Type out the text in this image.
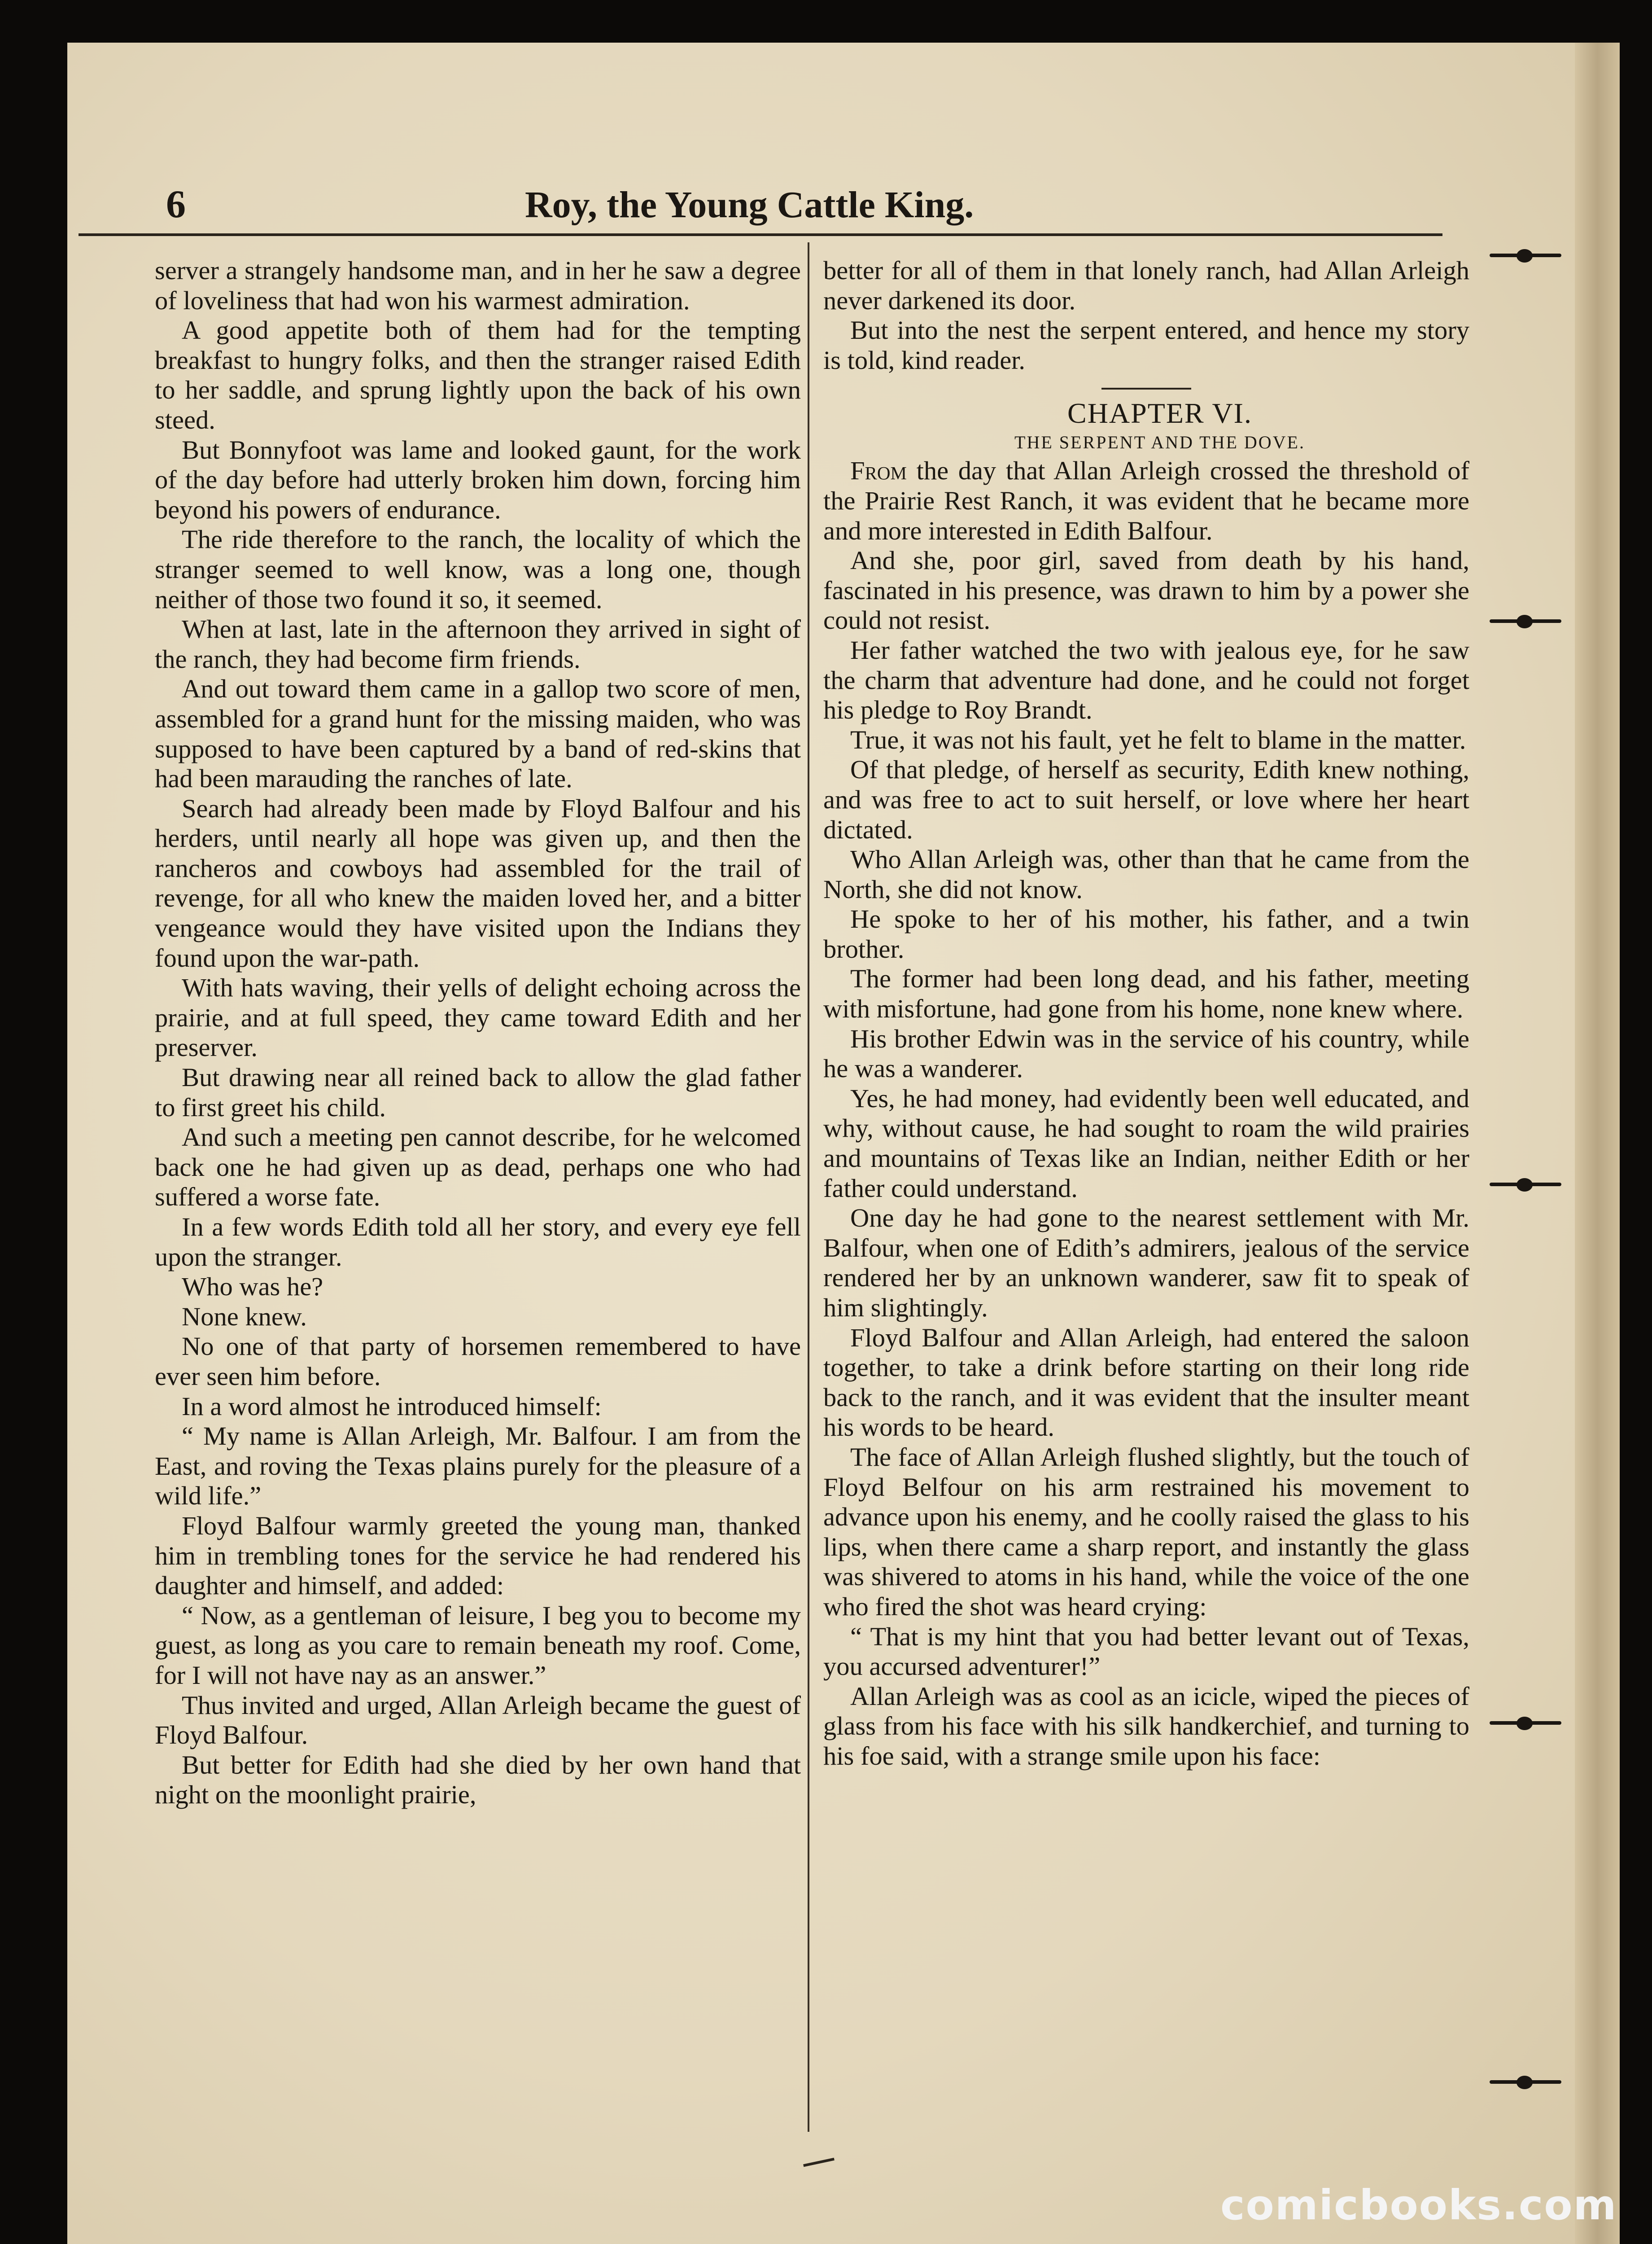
6	Roy, the Young Cattle King.

server a strangely handsome man, and in her he saw a degree of loveliness that had won his warmest admiration.

A good appetite both of them had for the tempting breakfast to hungry folks, and then the stranger raised Edith to her saddle, and sprung lightly upon the back of his own steed.

But Bonnyfoot was lame and looked gaunt, for the work of the day before had utterly broken him down, forcing him beyond his powers of endurance.

The ride therefore to the ranch, the locality of which the stranger seemed to well know, was a long one, though neither of those two found it so, it seemed.

When at last, late in the afternoon they arrived in sight of the ranch, they had become firm friends.

And out toward them came in a gallop two score of men, assembled for a grand hunt for the missing maiden, who was supposed to have been captured by a band of red-skins that had been marauding the ranches of late.

Search had already been made by Floyd Balfour and his herders, until nearly all hope was given up, and then the rancheros and cowboys had assembled for the trail of revenge, for all who knew the maiden loved her, and a bitter vengeance would they have visited upon the Indians they found upon the war-path.

With hats waving, their yells of delight echoing across the prairie, and at full speed, they came toward Edith and her preserver.

But drawing near all reined back to allow the glad father to first greet his child.

And such a meeting pen cannot describe, for he welcomed back one he had given up as dead, perhaps one who had suffered a worse fate.

In a few words Edith told all her story, and every eye fell upon the stranger.

Who was he?

None knew.

No one of that party of horsemen remembered to have ever seen him before.

In a word almost he introduced himself:

“ My name is Allan Arleigh, Mr. Balfour. I am from the East, and roving the Texas plains purely for the pleasure of a wild life.”

Floyd Balfour warmly greeted the young man, thanked him in trembling tones for the service he had rendered his daughter and himself, and added:

“ Now, as a gentleman of leisure, I beg you to become my guest, as long as you care to remain beneath my roof. Come, for I will not have nay as an answer.”

Thus invited and urged, Allan Arleigh became the guest of Floyd Balfour.

But better for Edith had she died by her own hand that night on the moonlight prairie,

better for all of them in that lonely ranch, had Allan Arleigh never darkened its door.

But into the nest the serpent entered, and hence my story is told, kind reader.

CHAPTER VI.

THE SERPENT AND THE DOVE.

From the day that Allan Arleigh crossed the threshold of the Prairie Rest Ranch, it was evident that he became more and more interested in Edith Balfour.

And she, poor girl, saved from death by his hand, fascinated in his presence, was drawn to him by a power she could not resist.

Her father watched the two with jealous eye, for he saw the charm that adventure had done, and he could not forget his pledge to Roy Brandt.

True, it was not his fault, yet he felt to blame in the matter.

Of that pledge, of herself as security, Edith knew nothing, and was free to act to suit herself, or love where her heart dictated.

Who Allan Arleigh was, other than that he came from the North, she did not know.

He spoke to her of his mother, his father, and a twin brother.

The former had been long dead, and his father, meeting with misfortune, had gone from his home, none knew where.

His brother Edwin was in the service of his country, while he was a wanderer.

Yes, he had money, had evidently been well educated, and why, without cause, he had sought to roam the wild prairies and mountains of Texas like an Indian, neither Edith or her father could understand.

One day he had gone to the nearest settlement with Mr. Balfour, when one of Edith’s admirers, jealous of the service rendered her by an unknown wanderer, saw fit to speak of him slightingly.

Floyd Balfour and Allan Arleigh, had entered the saloon together, to take a drink before starting on their long ride back to the ranch, and it was evident that the insulter meant his words to be heard.

The face of Allan Arleigh flushed slightly, but the touch of Floyd Belfour on his arm restrained his movement to advance upon his enemy, and he coolly raised the glass to his lips, when there came a sharp report, and instantly the glass was shivered to atoms in his hand, while the voice of the one who fired the shot was heard crying:

“ That is my hint that you had better levant out of Texas, you accursed adventurer!”

Allan Arleigh was as cool as an icicle, wiped the pieces of glass from his face with his silk handkerchief, and turning to his foe said, with a strange smile upon his face:

comicbooks.com
